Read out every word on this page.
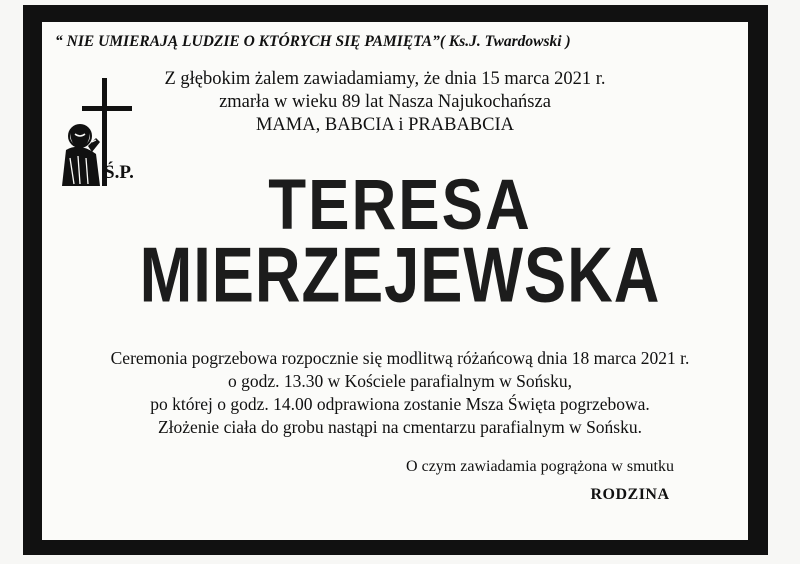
“ NIE UMIERAJĄ LUDZIE O KTÓRYCH SIĘ PAMIĘTA”( Ks.J. Twardowski )
Z głębokim żalem zawiadamiamy, że dnia 15 marca 2021 r.
zmarła w wieku 89 lat Nasza Najukochańsza
MAMA, BABCIA i PRABABCIA
Ś.P.	TERESA
MIERZEJEWSKA
Ceremonia pogrzebowa rozpocznie się modlitwą różańcową dnia 18 marca 2021 r.
o godz. 13.30 w Kościele parafialnym w Sońsku,
po której o godz. 14.00 odprawiona zostanie Msza Święta pogrzebowa.
Złożenie ciała do grobu nastąpi na cmentarzu parafialnym w Sońsku.
O czym zawiadamia pogrążona w smutku
RODZINA
